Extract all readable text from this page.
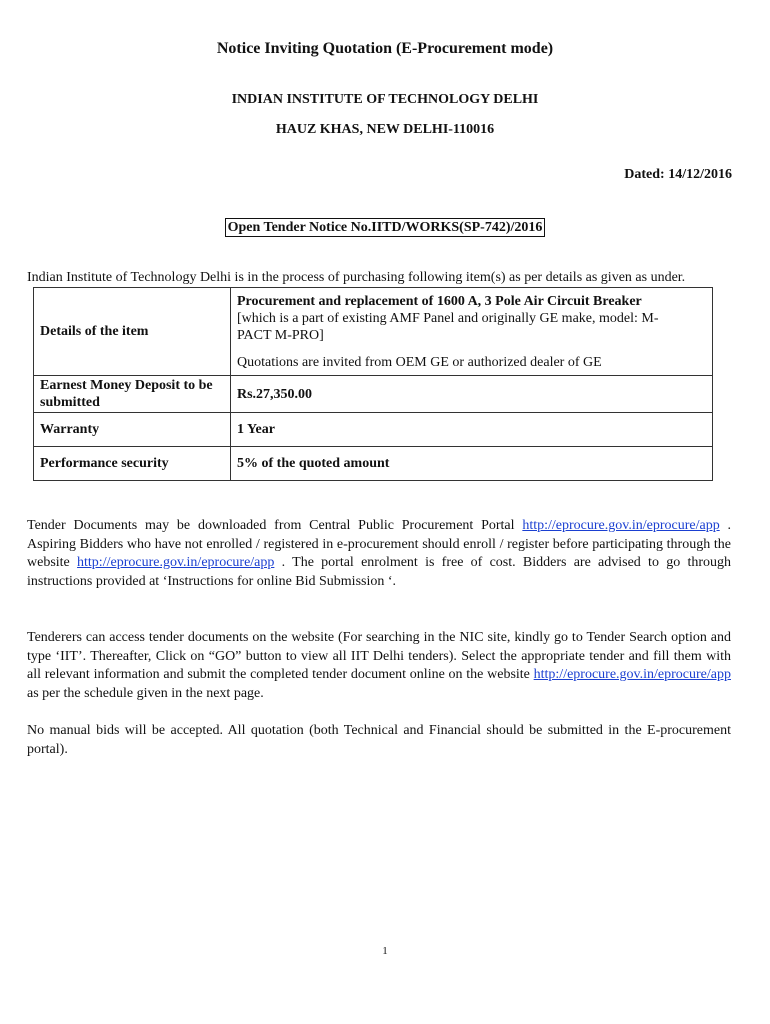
Notice Inviting Quotation (E-Procurement mode)
INDIAN INSTITUTE OF TECHNOLOGY DELHI
HAUZ KHAS, NEW DELHI-110016
Dated: 14/12/2016
Open Tender Notice No.IITD/WORKS(SP-742)/2016
Indian Institute of Technology Delhi is in the process of purchasing following item(s) as per details as given as under.
Details of the item	Procurement and replacement of 1600 A, 3 Pole Air Circuit Breaker
[which is a part of existing AMF Panel and originally GE make, model: M-PACT M-PRO]
Quotations are invited from OEM GE or authorized dealer of GE

Earnest Money Deposit to be submitted	Rs.27,350.00
Warranty	1 Year
Performance security	5% of the quoted amount
Tender Documents may be downloaded from Central Public Procurement Portal http://eprocure.gov.in/eprocure/app . Aspiring Bidders who have not enrolled / registered in e-procurement should enroll / register before participating through the website http://eprocure.gov.in/eprocure/app . The portal enrolment is free of cost. Bidders are advised to go through instructions provided at ‘Instructions for online Bid Submission ‘.
Tenderers can access tender documents on the website (For searching in the NIC site, kindly go to Tender Search option and type ‘IIT’. Thereafter, Click on “GO” button to view all IIT Delhi tenders). Select the appropriate tender and fill them with all relevant information and submit the completed tender document online on the website http://eprocure.gov.in/eprocure/app as per the schedule given in the next page.
No manual bids will be accepted. All quotation (both Technical and Financial should be submitted in the E-procurement portal).
1
